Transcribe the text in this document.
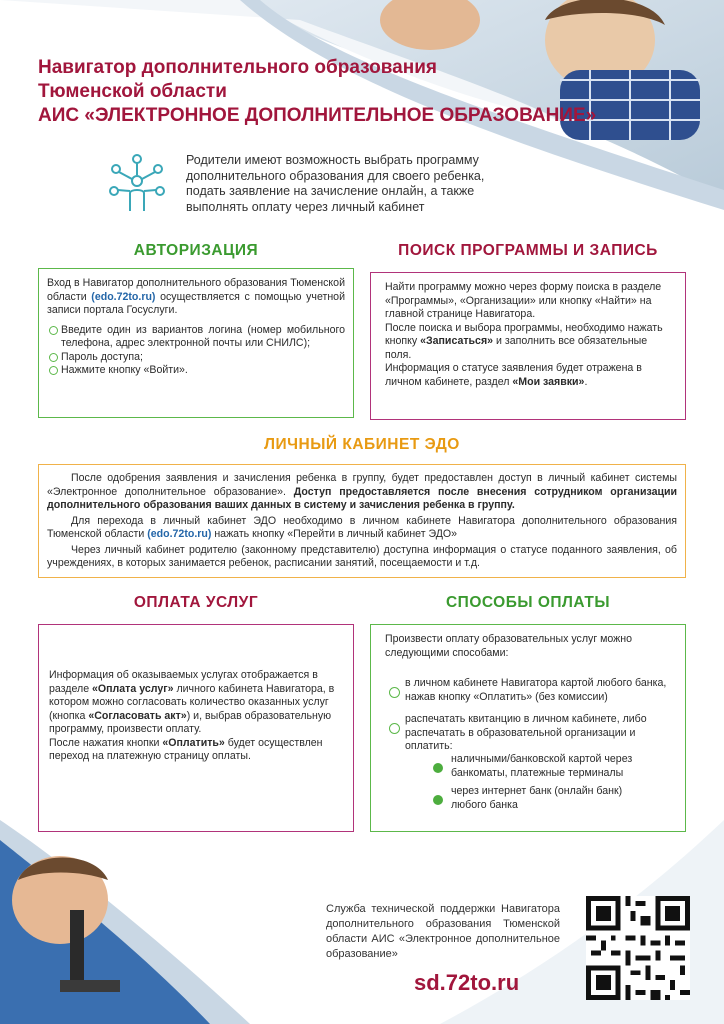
Навигатор дополнительного образования
Тюменской области
АИС «ЭЛЕКТРОННОЕ ДОПОЛНИТЕЛЬНОЕ ОБРАЗОВАНИЕ»

Родители имеют возможность выбрать программу дополнительного образования для своего ребенка, подать заявление на зачисление онлайн, а также выполнять оплату через личный кабинет

АВТОРИЗАЦИЯ

Вход в Навигатор дополнительного образования Тюменской области (edo.72to.ru) осуществляется с помощью учетной записи портала Госуслуги.

Введите один из вариантов логина (номер мобильного телефона, адрес электронной почты или СНИЛС);
Пароль доступа;
Нажмите кнопку «Войти».
ПОИСК ПРОГРАММЫ И ЗАПИСЬ

Найти программу можно через форму поиска в разделе «Программы», «Организации» или кнопку «Найти» на главной странице Навигатора.

После поиска и выбора программы, необходимо нажать кнопку «Записаться» и заполнить все обязательные поля.

Информация о статусе заявления будет отражена в личном кабинете, раздел «Мои заявки».

ЛИЧНЫЙ КАБИНЕТ ЭДО

После одобрения заявления и зачисления ребенка в группу, будет предоставлен доступ в личный кабинет системы «Электронное дополнительное образование». Доступ предоставляется после внесения сотрудником организации дополнительного образования ваших данных в систему и зачисления ребенка в группу.

Для перехода в личный кабинет ЭДО необходимо в личном кабинете Навигатора дополнительного образования Тюменской области (edo.72to.ru) нажать кнопку «Перейти в личный кабинет ЭДО»

Через личный кабинет родителю (законному представителю) доступна информация о статусе поданного заявления, об учреждениях, в которых занимается ребенок, расписании занятий, посещаемости и т.д.

ОПЛАТА УСЛУГ

Информация об оказываемых услугах отображается в разделе «Оплата услуг» личного кабинета Навигатора, в котором можно согласовать количество оказанных услуг (кнопка «Согласовать акт») и, выбрав образовательную программу, произвести оплату.

После нажатия кнопки «Оплатить» будет осуществлен переход на платежную страницу оплаты.

СПОСОБЫ ОПЛАТЫ

Произвести оплату образовательных услуг можно следующими способами:

в личном кабинете Навигатора картой любого банка, нажав кнопку «Оплатить» (без комиссии)

распечатать квитанцию в личном кабинете, либо распечатать в образовательной организации и оплатить:

наличными/банковской картой через банкоматы, платежные терминалы

через интернет банк (онлайн банк) любого банка

Служба технической поддержки Навигатора дополнительного образования Тюменской области АИС «Электронное дополнительное образование»

sd.72to.ru
